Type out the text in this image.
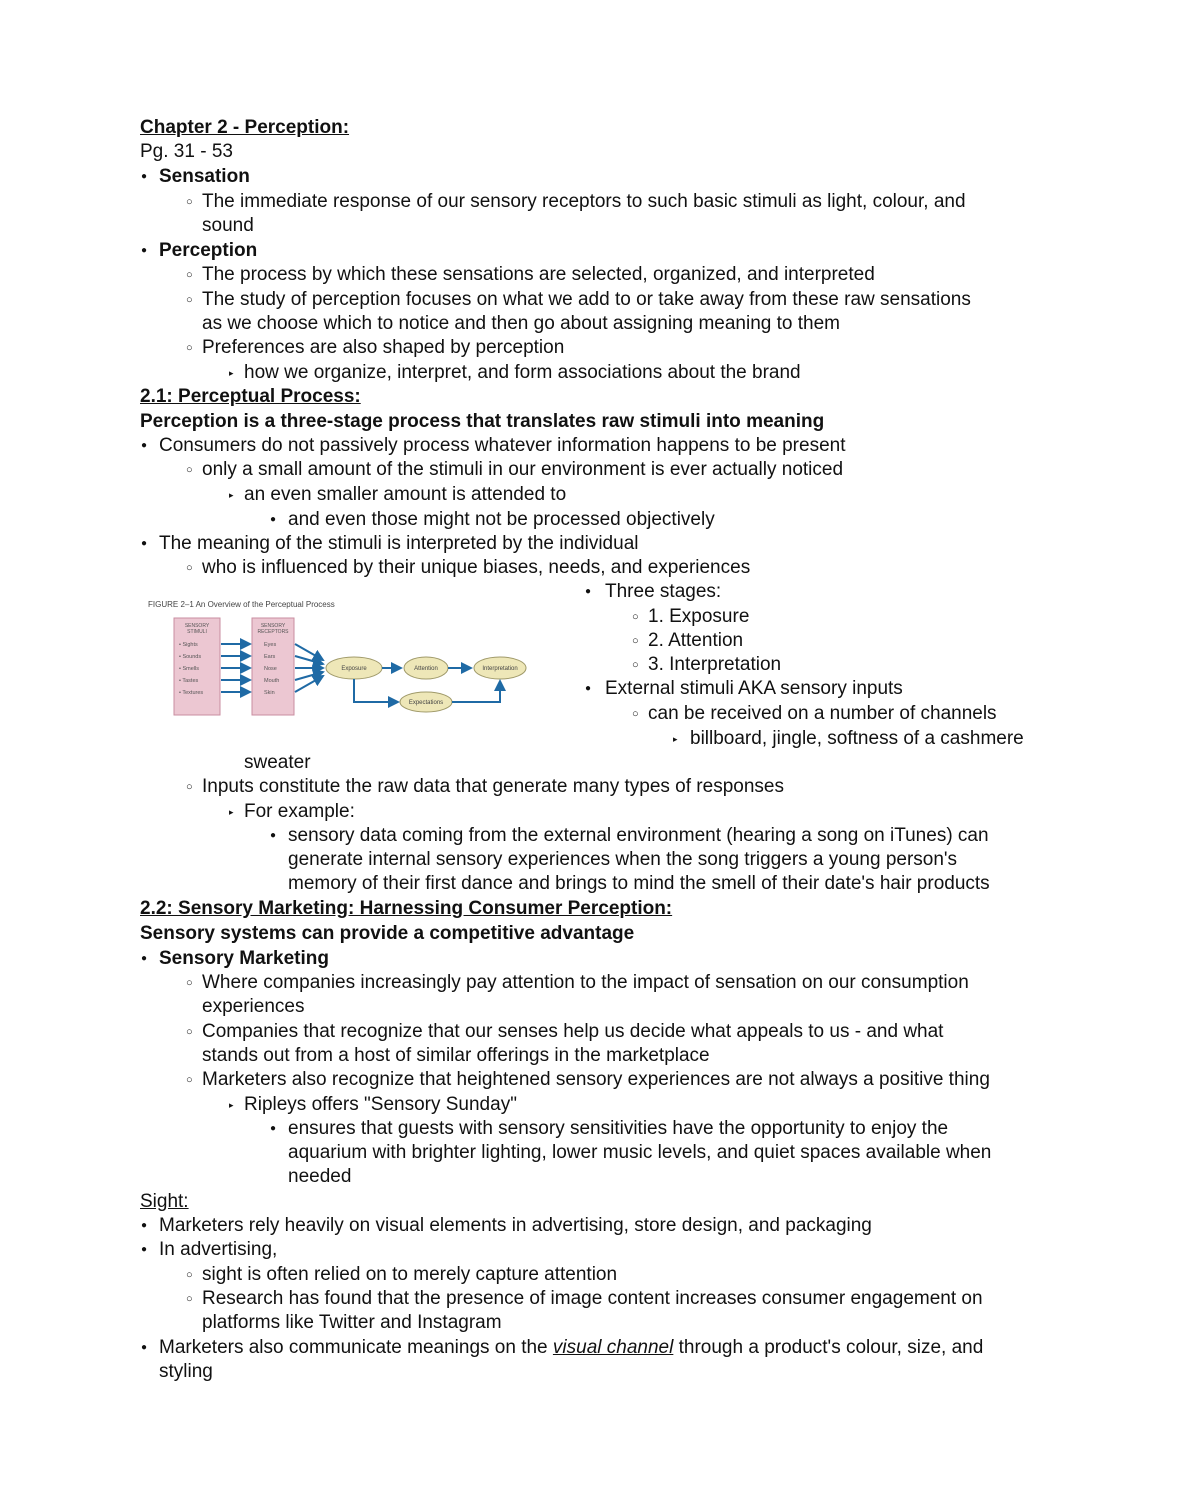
Chapter 2 - Perception:
Pg. 31 - 53
● Sensation
○ The immediate response of our sensory receptors to such basic stimuli as light, colour, and
sound
● Perception
○ The process by which these sensations are selected, organized, and interpreted
○ The study of perception focuses on what we add to or take away from these raw sensations
as we choose which to notice and then go about assigning meaning to them
○ Preferences are also shaped by perception
▸ how we organize, interpret, and form associations about the brand
2.1: Perceptual Process:
Perception is a three-stage process that translates raw stimuli into meaning
● Consumers do not passively process whatever information happens to be present
○ only a small amount of the stimuli in our environment is ever actually noticed
▸ an even smaller amount is attended to
● and even those might not be processed objectively
● The meaning of the stimuli is interpreted by the individual
○ who is influenced by their unique biases, needs, and experiences
FIGURE 2–1 An Overview of the Perceptual Process
SENSORY
STIMULI
• Sights
• Sounds
• Smells
• Tastes
• Textures
SENSORY
RECEPTORS
Eyes
Ears
Nose
Mouth
Skin
Exposure	Attention	Interpretation
Expectations
● Three stages:
○ 1. Exposure
○ 2. Attention
○ 3. Interpretation
● External stimuli AKA sensory inputs
○ can be received on a number of channels
▸ billboard, jingle, softness of a cashmere
sweater
○ Inputs constitute the raw data that generate many types of responses
▸ For example:
● sensory data coming from the external environment (hearing a song on iTunes) can
generate internal sensory experiences when the song triggers a young person's
memory of their first dance and brings to mind the smell of their date's hair products
2.2: Sensory Marketing: Harnessing Consumer Perception:
Sensory systems can provide a competitive advantage
● Sensory Marketing
○ Where companies increasingly pay attention to the impact of sensation on our consumption
experiences
○ Companies that recognize that our senses help us decide what appeals to us - and what
stands out from a host of similar offerings in the marketplace
○ Marketers also recognize that heightened sensory experiences are not always a positive thing
▸ Ripleys offers "Sensory Sunday"
● ensures that guests with sensory sensitivities have the opportunity to enjoy the
aquarium with brighter lighting, lower music levels, and quiet spaces available when
needed
Sight:
● Marketers rely heavily on visual elements in advertising, store design, and packaging
● In advertising,
○ sight is often relied on to merely capture attention
○ Research has found that the presence of image content increases consumer engagement on
platforms like Twitter and Instagram
● Marketers also communicate meanings on the visual channel through a product's colour, size, and
styling
